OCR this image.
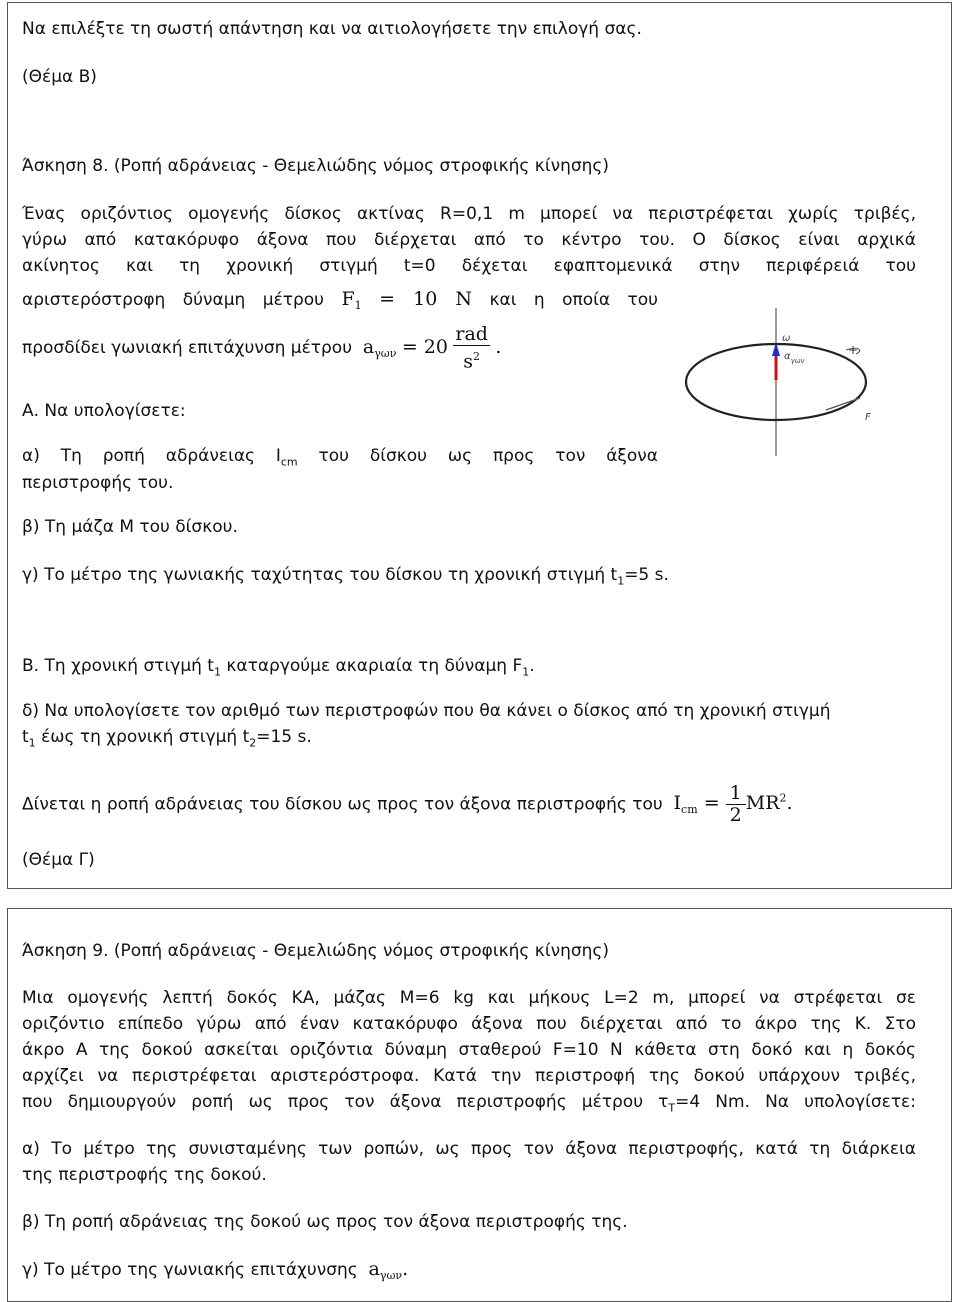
Να επιλέξτε τη σωστή απάντηση και να αιτιολογήσετε την επιλογή σας.
(Θέμα Β)
Άσκηση 8. (Ροπή αδράνειας - Θεμελιώδης νόμος στροφικής κίνησης)
Ένας οριζόντιος ομογενής δίσκος ακτίνας R=0,1 m μπορεί να περιστρέφεται χωρίς τριβές,
γύρω από κατακόρυφο άξονα που διέρχεται από το κέντρο του. Ο δίσκος είναι αρχικά
ακίνητος και τη χρονική στιγμή t=0 δέχεται εφαπτομενικά στην περιφέρειά του
αριστερόστροφη δύναμη μέτρου $F_1 = 10$ N και η οποία του
προσδίδει γωνιακή επιτάχυνση μέτρου $a_{\gamma\omega\nu} = 20 \frac{\text{rad}}{s^2}$ .
Α. Να υπολογίσετε:
α) Τη ροπή αδράνειας $I_{cm}$ του δίσκου ως προς τον άξονα
περιστροφής του.
β) Τη μάζα Μ του δίσκου.
γ) Το μέτρο της γωνιακής ταχύτητας του δίσκου τη χρονική στιγμή $t_1=5$ s.
Β. Τη χρονική στιγμή $t_1$ καταργούμε ακαριαία τη δύναμη $F_1$.
δ) Να υπολογίσετε τον αριθμό των περιστροφών που θα κάνει ο δίσκος από τη χρονική στιγμή
$t_1$ έως τη χρονική στιγμή $t_2=15$ s.
Δίνεται η ροπή αδράνειας του δίσκου ως προς τον άξονα περιστροφής του $I_{cm} = \frac{1}{2} MR^2$.
(Θέμα Γ)
ω
$\alpha_{\gamma\omega\nu}$
+
F
Άσκηση 9. (Ροπή αδράνειας - Θεμελιώδης νόμος στροφικής κίνησης)
Μια ομογενής λεπτή δοκός ΚΑ, μάζας Μ=6 kg και μήκους L=2 m, μπορεί να στρέφεται σε
οριζόντιο επίπεδο γύρω από έναν κατακόρυφο άξονα που διέρχεται από το άκρο της Κ. Στο
άκρο Α της δοκού ασκείται οριζόντια δύναμη σταθερού F=10 N κάθετα στη δοκό και η δοκός
αρχίζει να περιστρέφεται αριστερόστροφα. Κατά την περιστροφή της δοκού υπάρχουν τριβές,
που δημιουργούν ροπή ως προς τον άξονα περιστροφής μέτρου $\tau_T=4$ Nm. Να υπολογίσετε:
α) Το μέτρο της συνισταμένης των ροπών, ως προς τον άξονα περιστροφής, κατά τη διάρκεια
της περιστροφής της δοκού.
β) Τη ροπή αδράνειας της δοκού ως προς τον άξονα περιστροφής της.
γ) Το μέτρο της γωνιακής επιτάχυνσης $a_{\gamma\omega\nu}$.
